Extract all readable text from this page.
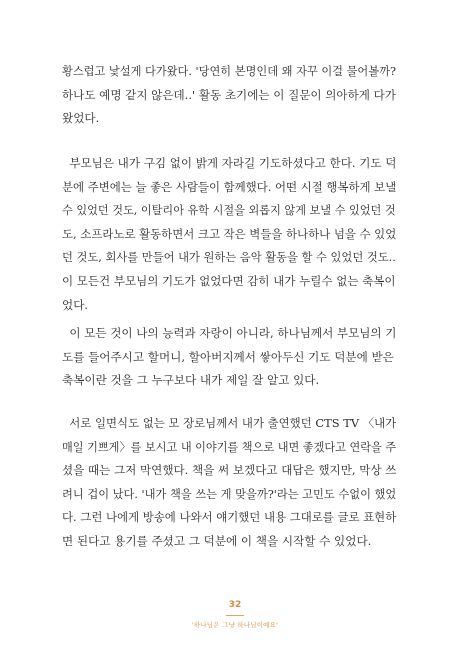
황스럽고 낯설게 다가왔다. '당연히 본명인데 왜 자꾸 이걸 물어볼까?
하나도 예명 같지 않은데..' 활동 초기에는 이 질문이 의아하게 다가
왔었다.

부모님은 내가 구김 없이 밝게 자라길 기도하셨다고 한다. 기도 덕
분에 주변에는 늘 좋은 사람들이 함께했다. 어떤 시절 행복하게 보낼
수 있었던 것도, 이탈리아 유학 시절을 외롭지 않게 보낼 수 있었던 것
도, 소프라노로 활동하면서 크고 작은 벽들을 하나하나 넘을 수 있었
던 것도, 회사를 만들어 내가 원하는 음악 활동을 할 수 있었던 것도..
이 모든건 부모님의 기도가 없었다면 감히 내가 누릴수 없는 축복이
었다.

이 모든 것이 나의 능력과 자랑이 아니라, 하나님께서 부모님의 기
도를 들어주시고 할머니, 할아버지께서 쌓아두신 기도 덕분에 받은
축복이란 것을 그 누구보다 내가 제일 잘 알고 있다.

서로 일면식도 없는 모 장로님께서 내가 출연했던 CTS TV 〈내가
매일 기쁘게〉를 보시고 내 이야기를 책으로 내면 좋겠다고 연락을 주
셨을 때는 그저 막연했다. 책을 써 보겠다고 대답은 했지만, 막상 쓰
려니 겁이 났다. '내가 책을 쓰는 게 맞을까?'라는 고민도 수없이 했었
다. 그런 나에게 방송에 나와서 얘기했던 내용 그대로를 글로 표현하
면 된다고 용기를 주셨고 그 덕분에 이 책을 시작할 수 있었다.

32
'하나님은 그냥 하나님이예요'
